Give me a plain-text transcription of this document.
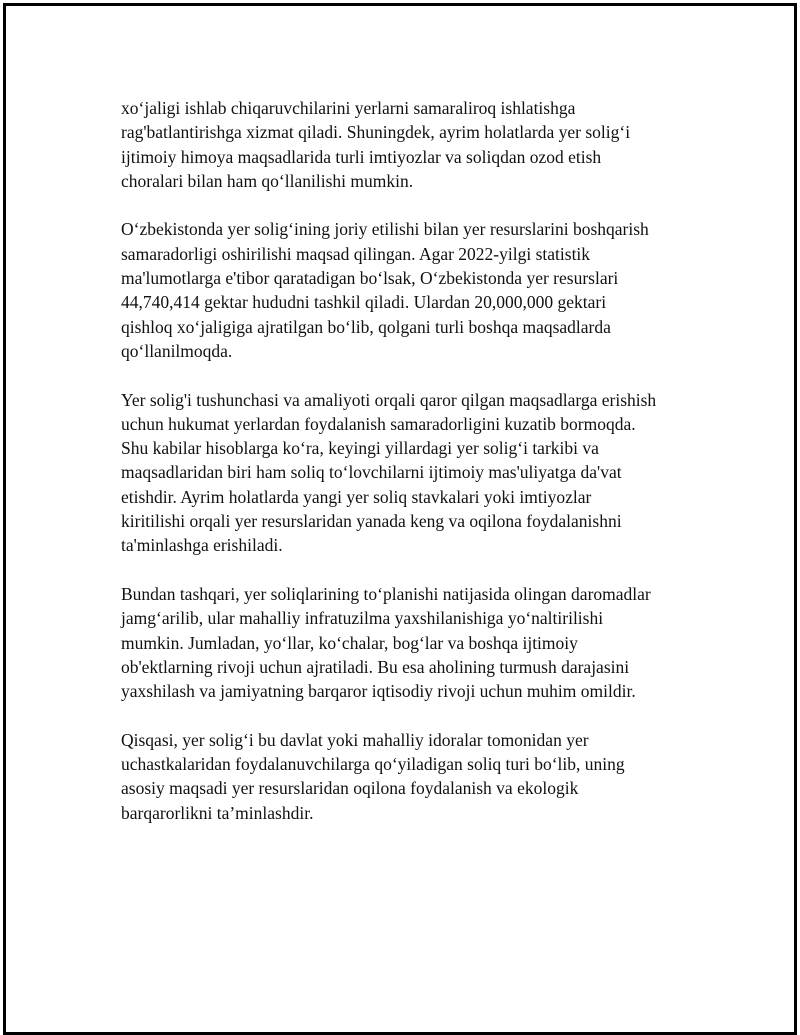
xo‘jaligi ishlab chiqaruvchilarini yerlarni samaraliroq ishlatishga
rag'batlantirishga xizmat qiladi. Shuningdek, ayrim holatlarda yer solig‘i
ijtimoiy himoya maqsadlarida turli imtiyozlar va soliqdan ozod etish
choralari bilan ham qo‘llanilishi mumkin.

O‘zbekistonda yer solig‘ining joriy etilishi bilan yer resurslarini boshqarish
samaradorligi oshirilishi maqsad qilingan. Agar 2022-yilgi statistik
ma'lumotlarga e'tibor qaratadigan bo‘lsak, O‘zbekistonda yer resurslari
44,740,414 gektar hududni tashkil qiladi. Ulardan 20,000,000 gektari
qishloq xo‘jaligiga ajratilgan bo‘lib, qolgani turli boshqa maqsadlarda
qo‘llanilmoqda.

Yer solig'i tushunchasi va amaliyoti orqali qaror qilgan maqsadlarga erishish
uchun hukumat yerlardan foydalanish samaradorligini kuzatib bormoqda.
Shu kabilar hisoblarga ko‘ra, keyingi yillardagi yer solig‘i tarkibi va
maqsadlaridan biri ham soliq to‘lovchilarni ijtimoiy mas'uliyatga da'vat
etishdir. Ayrim holatlarda yangi yer soliq stavkalari yoki imtiyozlar
kiritilishi orqali yer resurslaridan yanada keng va oqilona foydalanishni
ta'minlashga erishiladi.

Bundan tashqari, yer soliqlarining to‘planishi natijasida olingan daromadlar
jamg‘arilib, ular mahalliy infratuzilma yaxshilanishiga yo‘naltirilishi
mumkin. Jumladan, yo‘llar, ko‘chalar, bog‘lar va boshqa ijtimoiy
ob'ektlarning rivoji uchun ajratiladi. Bu esa aholining turmush darajasini
yaxshilash va jamiyatning barqaror iqtisodiy rivoji uchun muhim omildir.

Qisqasi, yer solig‘i bu davlat yoki mahalliy idoralar tomonidan yer
uchastkalaridan foydalanuvchilarga qo‘yiladigan soliq turi bo‘lib, uning
asosiy maqsadi yer resurslaridan oqilona foydalanish va ekologik
barqarorlikni ta’minlashdir.
